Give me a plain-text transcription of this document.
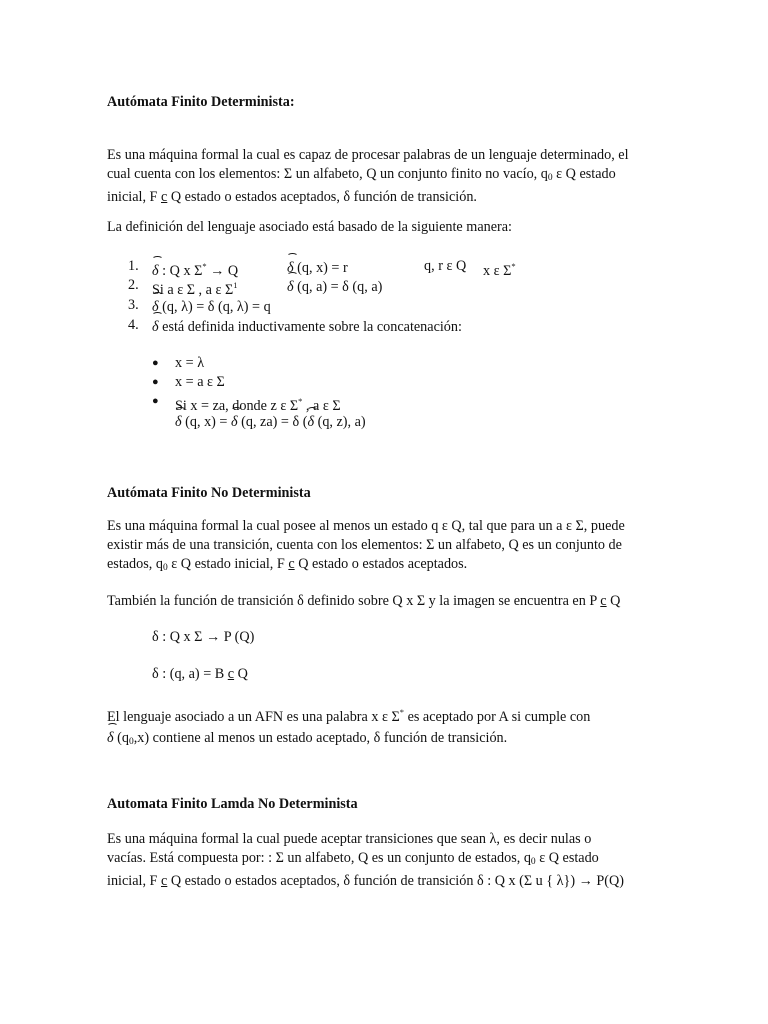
Autómata Finito Determinista:
Es una máquina formal la cual es capaz de procesar palabras de un lenguaje determinado, el
cual cuenta con los elementos: Σ un alfabeto, Q un conjunto finito no vacío, $q_0$ ε Q estado
inicial, F c Q estado o estados aceptados, δ función de transición.
La definición del lenguaje asociado está basado de la siguiente manera:
1. δ : Q x Σ* → Q	δ (q, x) = r	q, r ε Q x ε Σ*
2. Si a ε Σ , a ε $\Sigma^1$	δ (q, a) = δ (q, a)
3. δ (q, λ) = δ (q, λ) = q
4. δ está definida inductivamente sobre la concatenación:
● x = λ
● x = a ε Σ
● Si x = za, donde z ε Σ* , a ε Σ
δ (q, x) = δ (q, za) = δ (δ (q, z), a)
Autómata Finito No Determinista
Es una máquina formal la cual posee al menos un estado q ε Q, tal que para un a ε Σ, puede
existir más de una transición, cuenta con los elementos: Σ un alfabeto, Q es un conjunto de
estados, $q_0$ ε Q estado inicial, F c Q estado o estados aceptados.
También la función de transición δ definido sobre Q x Σ y la imagen se encuentra en P c Q
δ : Q x Σ → P (Q)
δ : (q, a) = B c Q
El lenguaje asociado a un AFN es una palabra x ε Σ* es aceptado por A si cumple con
δ $(q_0,x)$ contiene al menos un estado aceptado, δ función de transición.
Automata Finito Lamda No Determinista
Es una máquina formal la cual puede aceptar transiciones que sean λ, es decir nulas o
vacías. Está compuesta por: : Σ un alfabeto, Q es un conjunto de estados, $q_0$ ε Q estado
inicial, F c Q estado o estados aceptados, δ función de transición δ : Q x (Σ u { λ}) → P(Q)
